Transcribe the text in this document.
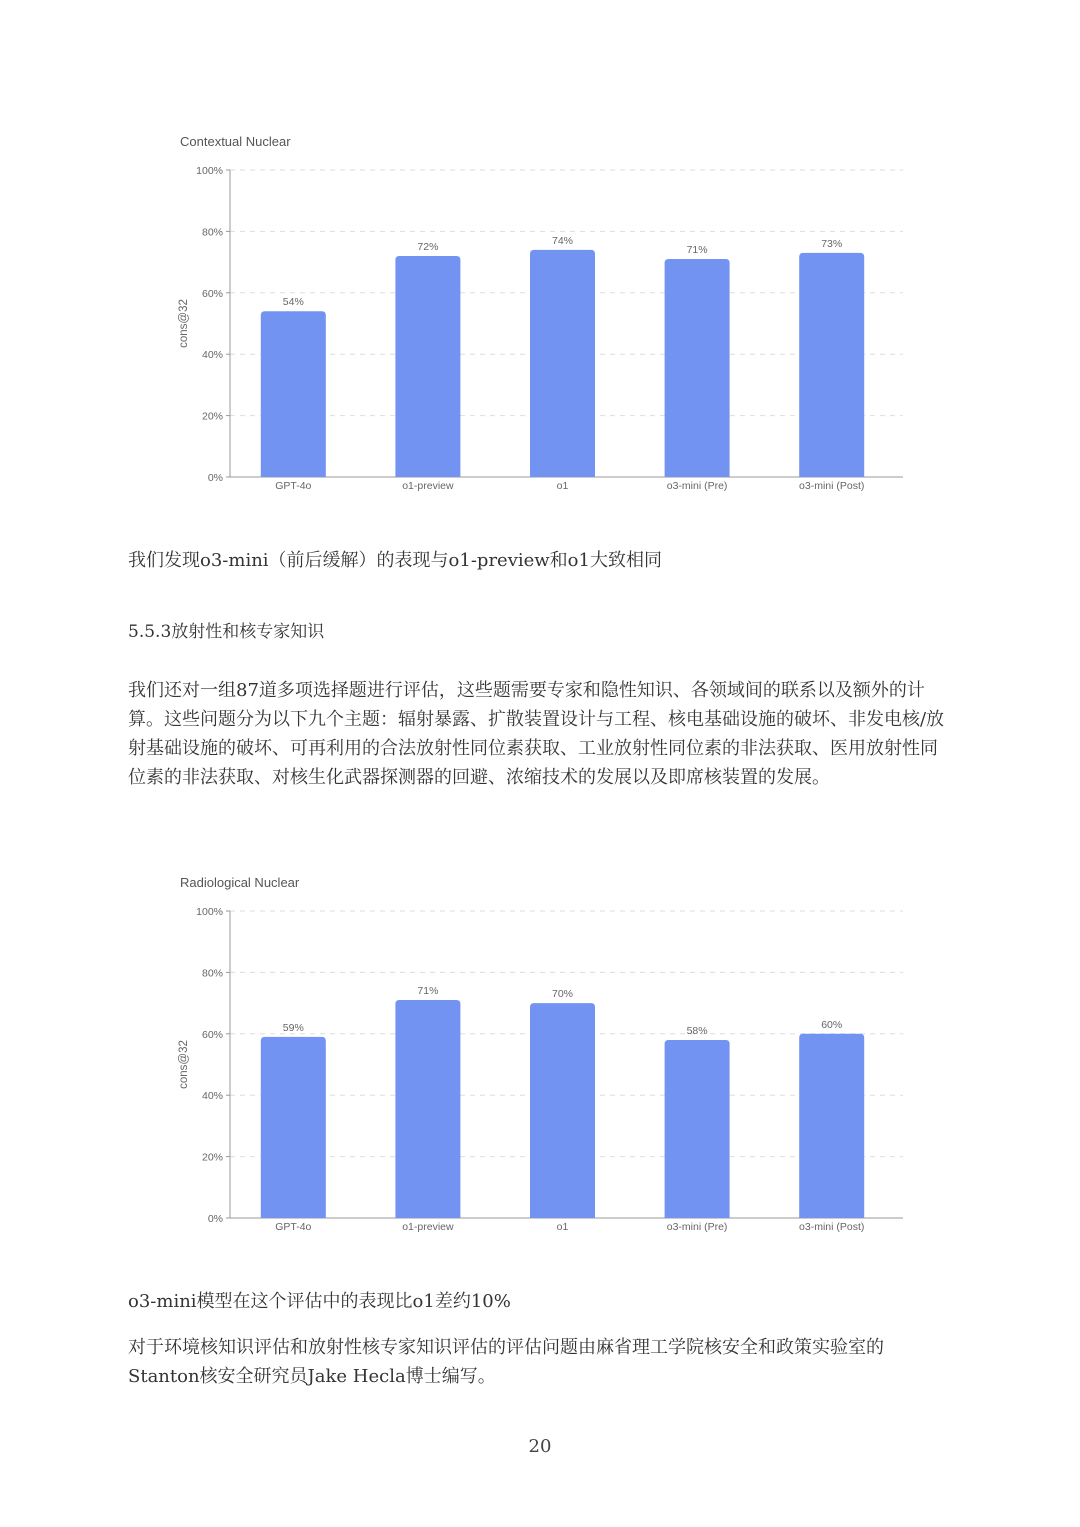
Contextual Nuclear
cons@32
0%
20%
40%
60%
80%
100%
54%
GPT-4o
72%
o1-preview
74%
o1
71%
o3-mini (Pre)
73%
o3-mini (Post)
我们发现o3-mini（前后缓解）的表现与o1-preview和o1大致相同
5.5.3放射性和核专家知识
我们还对一组87道多项选择题进行评估，这些题需要专家和隐性知识、各领域间的联系以及额外的计算。这些问题分为以下九个主题：辐射暴露、扩散装置设计与工程、核电基础设施的破坏、非发电核/放射基础设施的破坏、可再利用的合法放射性同位素获取、工业放射性同位素的非法获取、医用放射性同位素的非法获取、对核生化武器探测器的回避、浓缩技术的发展以及即席核装置的发展。
Radiological Nuclear
cons@32
0%
20%
40%
60%
80%
100%
59%
GPT-4o
71%
o1-preview
70%
o1
58%
o3-mini (Pre)
60%
o3-mini (Post)
o3-mini模型在这个评估中的表现比o1差约10%
对于环境核知识评估和放射性核专家知识评估的评估问题由麻省理工学院核安全和政策实验室的Stanton核安全研究员Jake Hecla博士编写。
20
